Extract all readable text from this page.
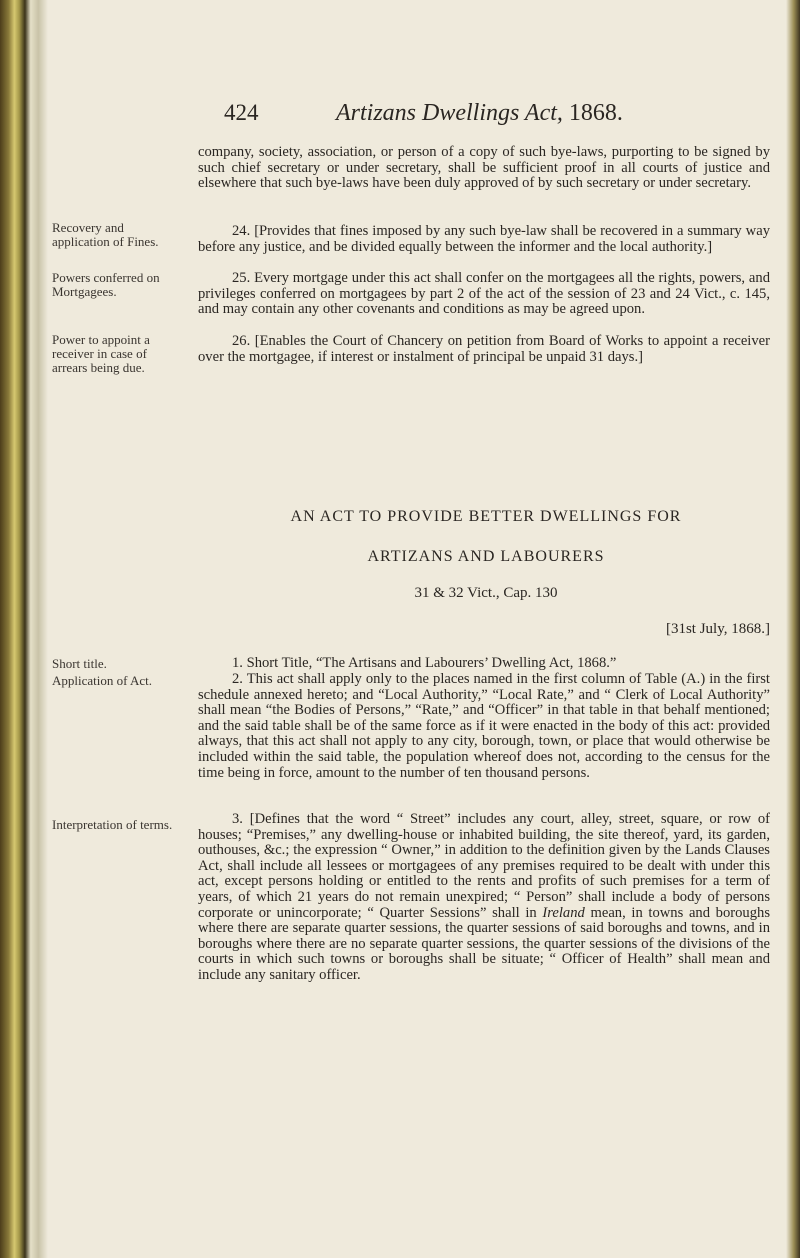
424	Artizans Dwellings Act, 1868.

company, society, association, or person of a copy of such bye-laws, purporting to be signed by such chief secretary or under secretary, shall be sufficient proof in all courts of justice and elsewhere that such bye-laws have been duly approved of by such secretary or under secretary.

Recovery and application of Fines.

24. [Provides that fines imposed by any such bye-law shall be recovered in a summary way before any justice, and be divided equally between the informer and the local authority.]

Powers conferred on Mortgagees.

25. Every mortgage under this act shall confer on the mortgagees all the rights, powers, and privileges conferred on mortgagees by part 2 of the act of the session of 23 and 24 Vict., c. 145, and may contain any other covenants and conditions as may be agreed upon.

Power to appoint a receiver in case of arrears being due.

26. [Enables the Court of Chancery on petition from Board of Works to appoint a receiver over the mortgagee, if interest or instalment of principal be unpaid 31 days.]

AN ACT TO PROVIDE BETTER DWELLINGS FOR
ARTIZANS AND LABOURERS
31 & 32 Vict., Cap. 130
[31st July, 1868.]
Short title.	1. Short Title, “The Artisans and Labourers’ Dwelling Act, 1868.”

Application of Act.	2. This act shall apply only to the places named in the first column of Table (A.) in the first schedule annexed hereto; and “Local Authority,” “Local Rate,” and “ Clerk of Local Authority” shall mean “the Bodies of Persons,” “Rate,” and “Officer” in that table in that behalf mentioned; and the said table shall be of the same force as if it were enacted in the body of this act: provided always, that this act shall not apply to any city, borough, town, or place that would otherwise be included within the said table, the population whereof does not, according to the census for the time being in force, amount to the number of ten thousand persons.

Interpretation of terms.	3. [Defines that the word “ Street” includes any court, alley, street, square, or row of houses; “Premises,” any dwelling-house or inhabited building, the site thereof, yard, its garden, outhouses, &c.; the expression “ Owner,” in addition to the definition given by the Lands Clauses Act, shall include all lessees or mortgagees of any premises required to be dealt with under this act, except persons holding or entitled to the rents and profits of such premises for a term of years, of which 21 years do not remain unexpired; “ Person” shall include a body of persons corporate or unincorporate; “ Quarter Sessions” shall in Ireland mean, in towns and boroughs where there are separate quarter sessions, the quarter sessions of said boroughs and towns, and in boroughs where there are no separate quarter sessions, the quarter sessions of the divisions of the courts in which such towns or boroughs shall be situate; “ Officer of Health” shall mean and include any sanitary officer.
